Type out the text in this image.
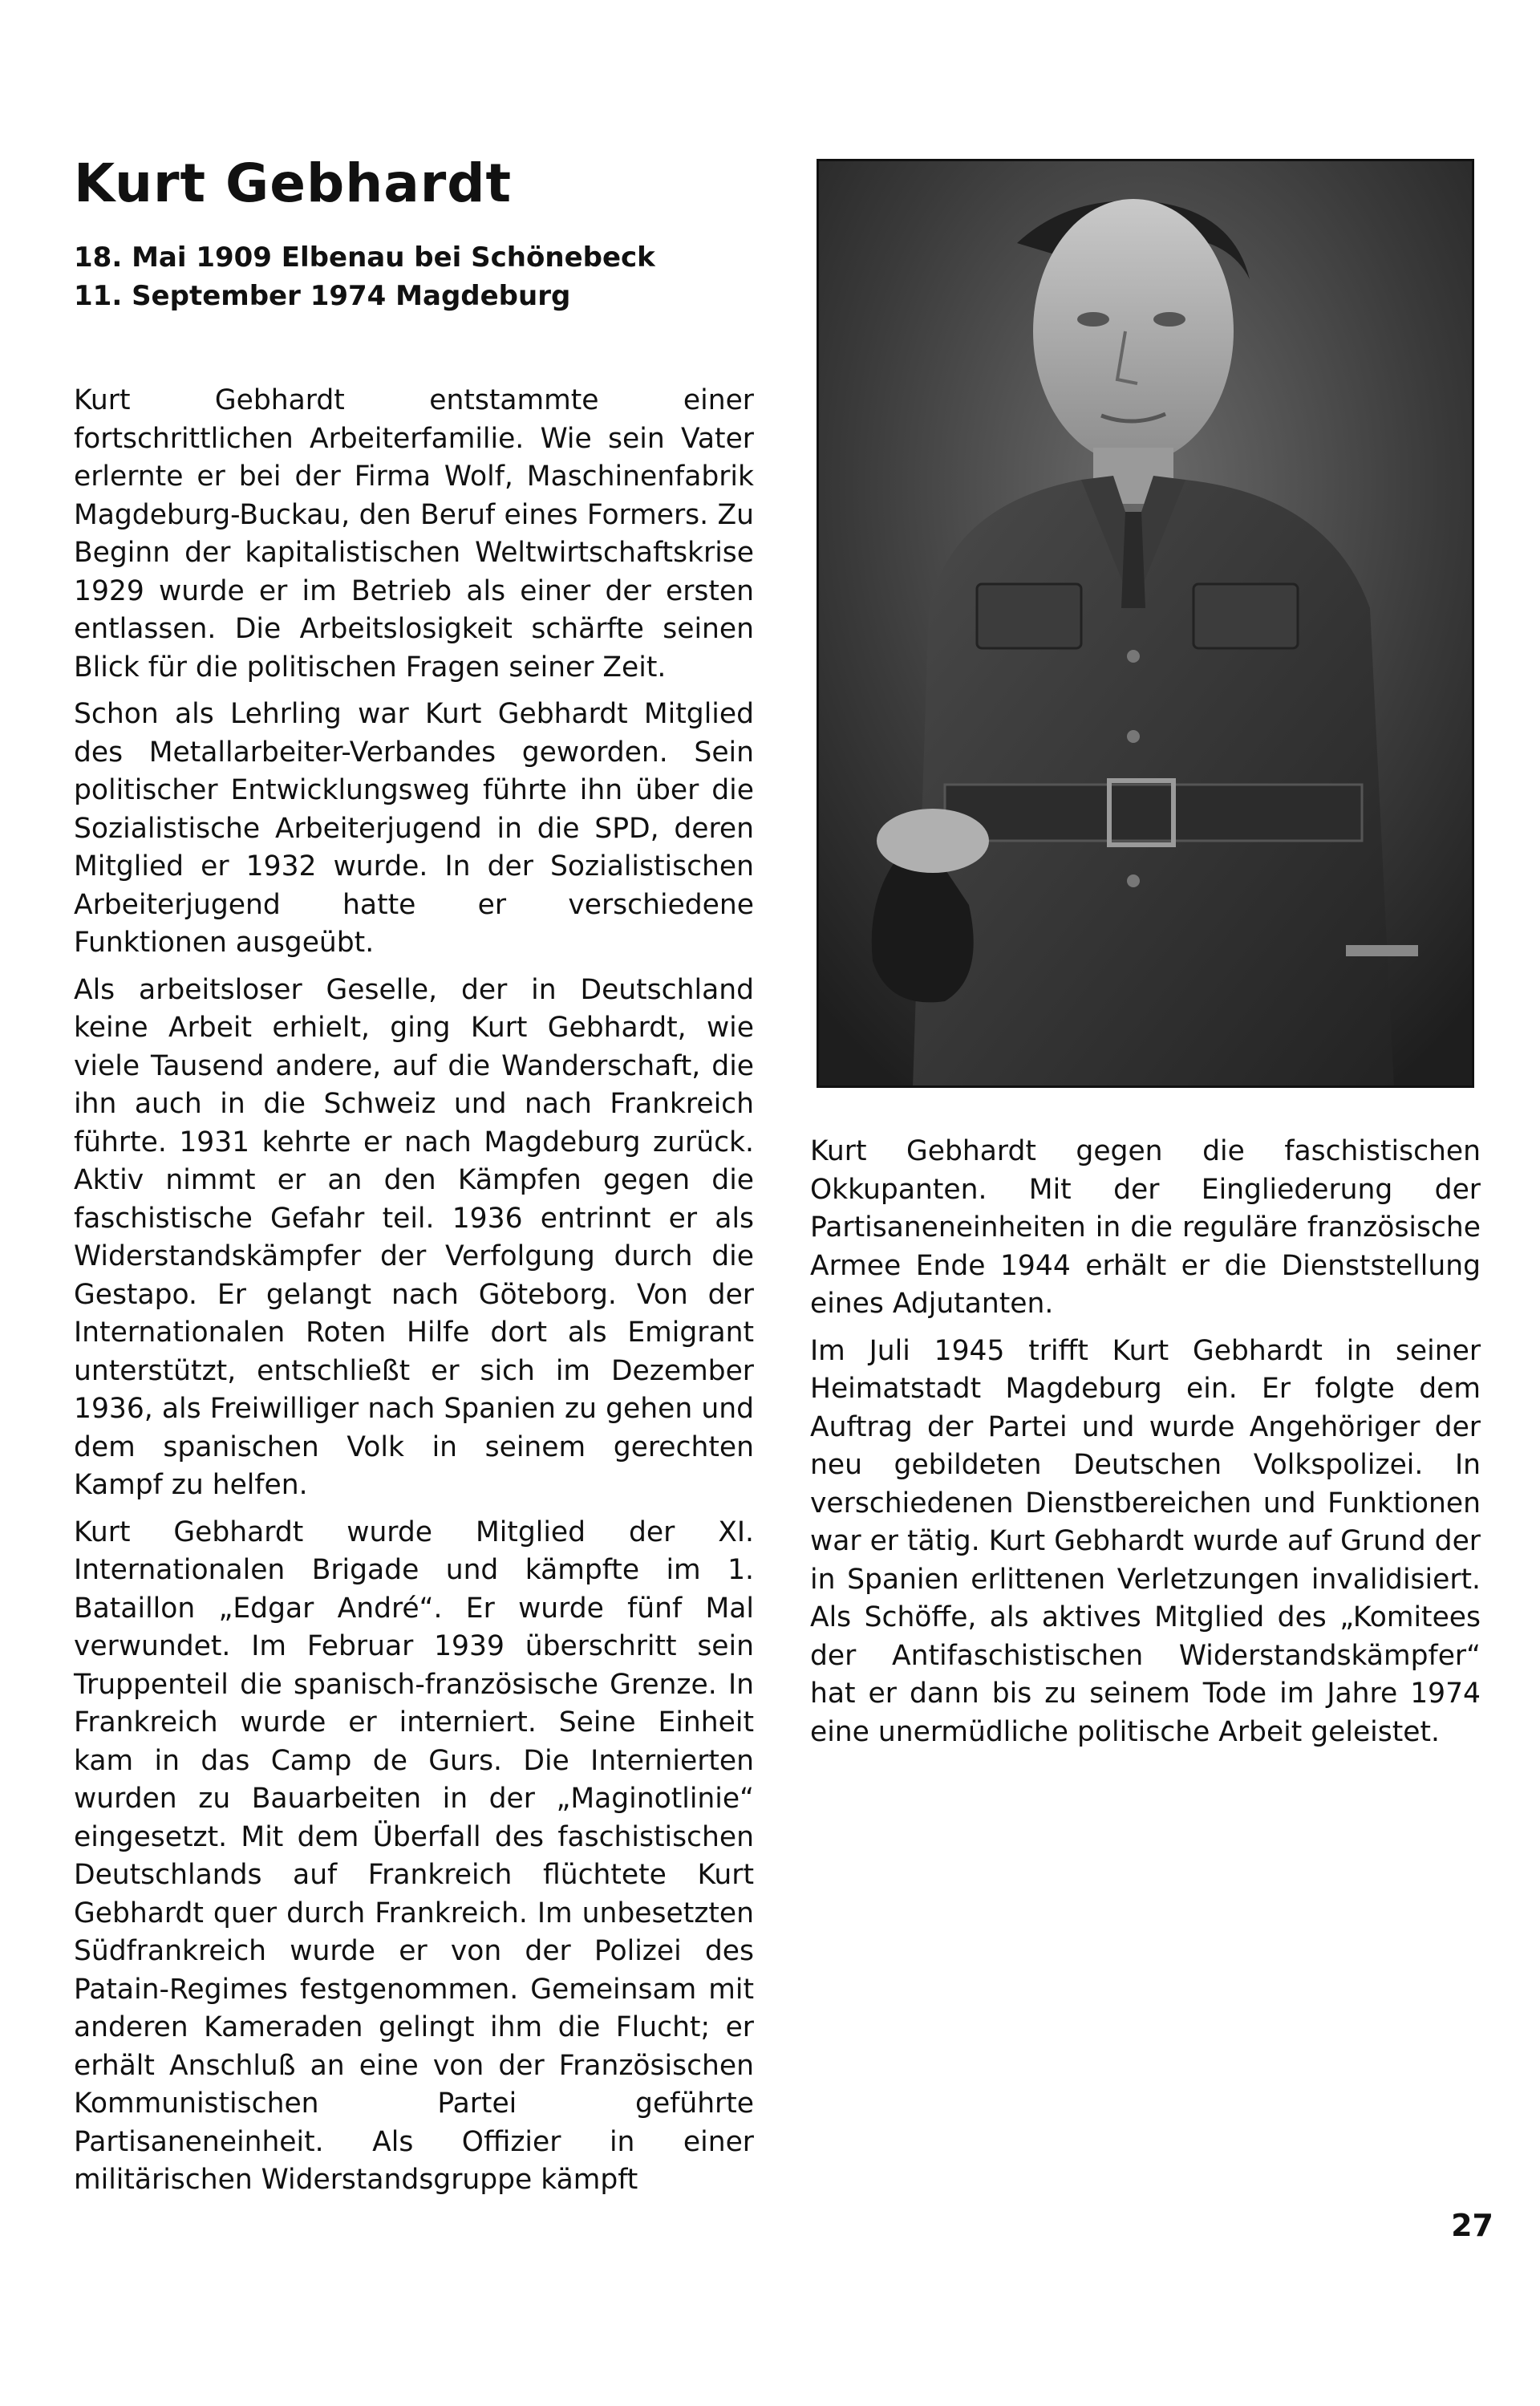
Kurt Gebhardt
18. Mai 1909 Elbenau bei Schönebeck
11. September 1974 Magdeburg

Kurt Gebhardt entstammte einer fortschrittlichen Arbeiterfamilie. Wie sein Vater erlernte er bei der Firma Wolf, Maschinenfabrik Magdeburg-Buckau, den Beruf eines Formers. Zu Beginn der kapitalistischen Weltwirtschaftskrise 1929 wurde er im Betrieb als einer der ersten entlassen. Die Arbeitslosigkeit schärfte seinen Blick für die politischen Fragen seiner Zeit.

Schon als Lehrling war Kurt Gebhardt Mitglied des Metallarbeiter-Verbandes geworden. Sein politischer Entwicklungsweg führte ihn über die Sozialistische Arbeiterjugend in die SPD, deren Mitglied er 1932 wurde. In der Sozialistischen Arbeiterjugend hatte er verschiedene Funktionen ausgeübt.

Als arbeitsloser Geselle, der in Deutschland keine Arbeit erhielt, ging Kurt Gebhardt, wie viele Tausend andere, auf die Wanderschaft, die ihn auch in die Schweiz und nach Frankreich führte. 1931 kehrte er nach Magdeburg zurück. Aktiv nimmt er an den Kämpfen gegen die faschistische Gefahr teil. 1936 entrinnt er als Widerstandskämpfer der Verfolgung durch die Gestapo. Er gelangt nach Göteborg. Von der Internationalen Roten Hilfe dort als Emigrant unterstützt, entschließt er sich im Dezember 1936, als Freiwilliger nach Spanien zu gehen und dem spanischen Volk in seinem gerechten Kampf zu helfen.

Kurt Gebhardt wurde Mitglied der XI. Internationalen Brigade und kämpfte im 1. Bataillon „Edgar André“. Er wurde fünf Mal verwundet. Im Februar 1939 überschritt sein Truppenteil die spanisch-französische Grenze. In Frankreich wurde er interniert. Seine Einheit kam in das Camp de Gurs. Die Internierten wurden zu Bauarbeiten in der „Maginotlinie“ eingesetzt. Mit dem Überfall des faschistischen Deutschlands auf Frankreich flüchtete Kurt Gebhardt quer durch Frankreich. Im unbesetzten Südfrankreich wurde er von der Polizei des Patain-Regimes festgenommen. Gemeinsam mit anderen Kameraden gelingt ihm die Flucht; er erhält Anschluß an eine von der Französischen Kommunistischen Partei geführte Partisaneneinheit. Als Offizier in einer militärischen Widerstandsgruppe kämpft

Kurt Gebhardt gegen die faschistischen Okkupanten. Mit der Eingliederung der Partisaneneinheiten in die reguläre französische Armee Ende 1944 erhält er die Dienststellung eines Adjutanten.

Im Juli 1945 trifft Kurt Gebhardt in seiner Heimatstadt Magdeburg ein. Er folgte dem Auftrag der Partei und wurde Angehöriger der neu gebildeten Deutschen Volkspolizei. In verschiedenen Dienstbereichen und Funktionen war er tätig. Kurt Gebhardt wurde auf Grund der in Spanien erlittenen Verletzungen invalidisiert. Als Schöffe, als aktives Mitglied des „Komitees der Antifaschistischen Widerstandskämpfer“ hat er dann bis zu seinem Tode im Jahre 1974 eine unermüdliche politische Arbeit geleistet.

27
